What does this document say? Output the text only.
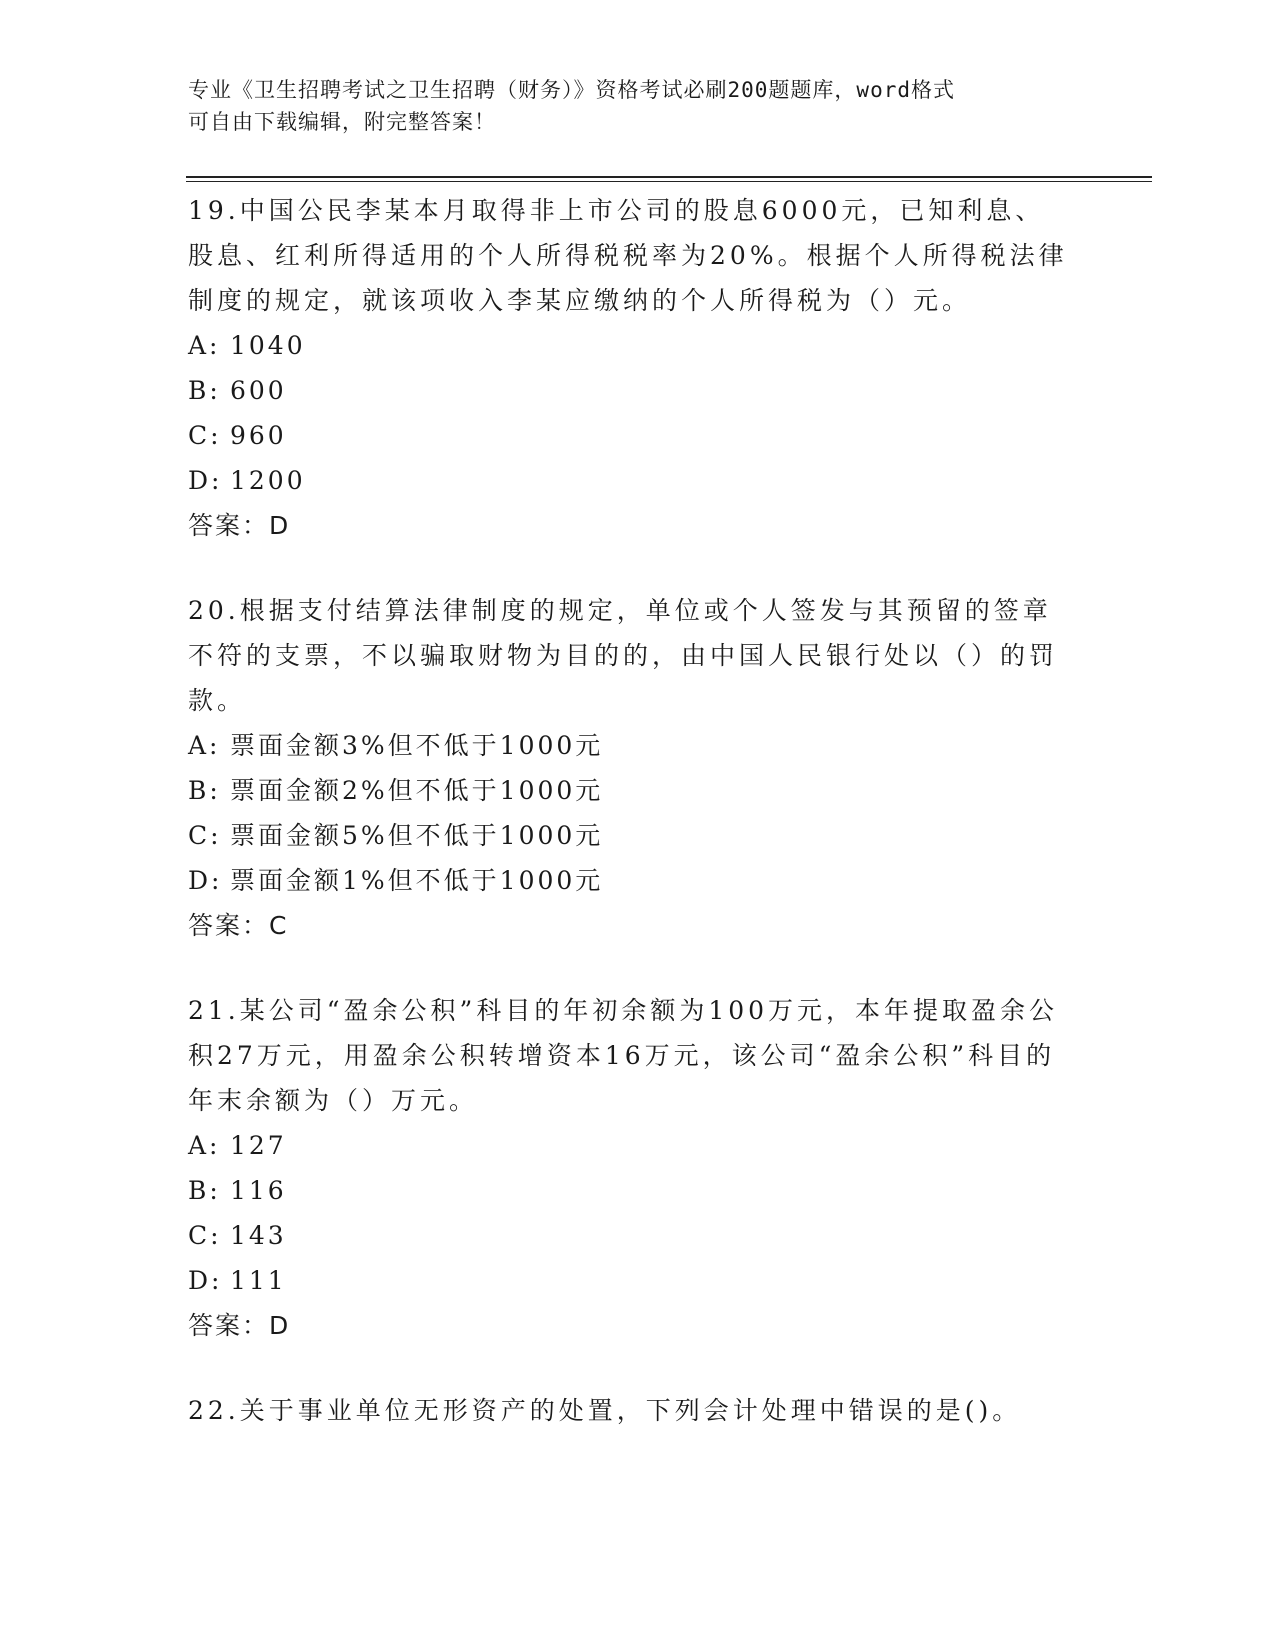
专业《卫生招聘考试之卫生招聘（财务）》资格考试必刷200题题库，word格式
可自由下载编辑，附完整答案！

19.中国公民李某本月取得非上市公司的股息6000元，已知利息、股息、红利所得适用的个人所得税税率为20%。根据个人所得税法律制度的规定，就该项收入李某应缴纳的个人所得税为（）元。

A: 1040

B: 600

C: 960

D: 1200

答案：D

20.根据支付结算法律制度的规定，单位或个人签发与其预留的签章不符的支票，不以骗取财物为目的的，由中国人民银行处以（）的罚款。

A: 票面金额3%但不低于1000元

B: 票面金额2%但不低于1000元

C: 票面金额5%但不低于1000元

D: 票面金额1%但不低于1000元

答案：C

21.某公司“盈余公积”科目的年初余额为100万元，本年提取盈余公积27万元，用盈余公积转增资本16万元，该公司“盈余公积”科目的年末余额为（）万元。

A: 127

B: 116

C: 143

D: 111

答案：D

22.关于事业单位无形资产的处置，下列会计处理中错误的是()。
